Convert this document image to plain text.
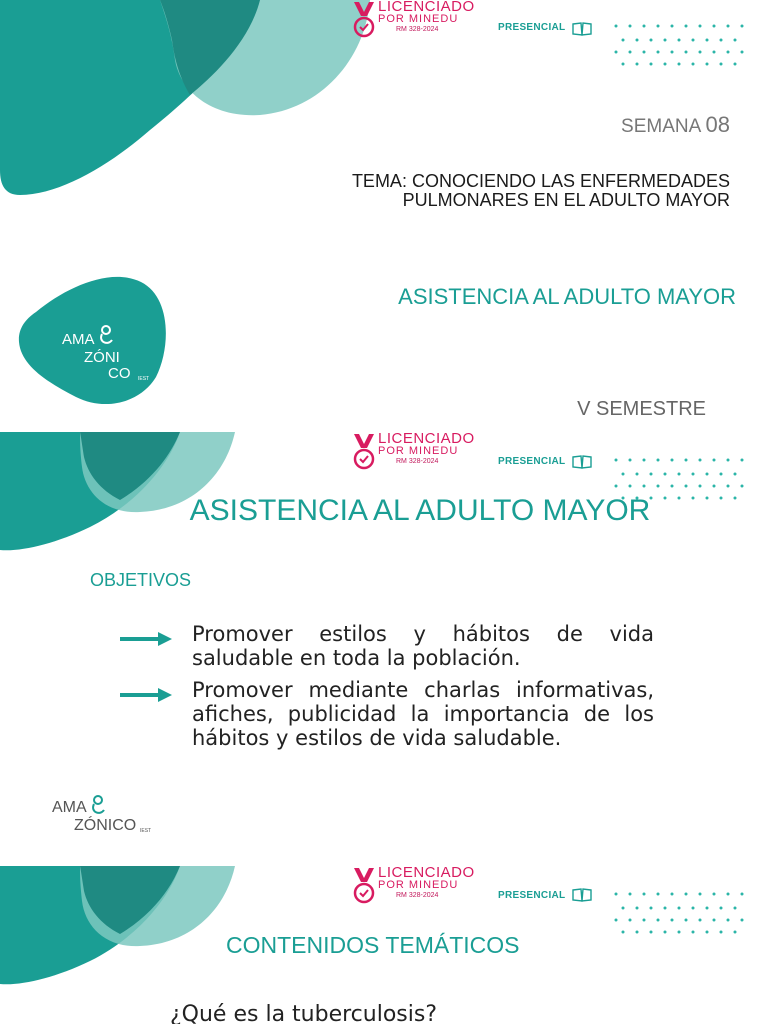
LICENCIADO
POR MINEDU
RM 328-2024	PRESENCIAL
SEMANA 08
TEMA: CONOCIENDO LAS ENFERMEDADES
PULMONARES EN EL ADULTO MAYOR
ASISTENCIA AL ADULTO MAYOR
AMA
ZÓNI
CO IEST
V SEMESTRE
LICENCIADO
POR MINEDU
RM 328-2024	PRESENCIAL
ASISTENCIA AL ADULTO MAYOR
OBJETIVOS
Promover estilos y hábitos de vida saludable en toda la población.
Promover mediante charlas informativas, afiches, publicidad la importancia de los hábitos y estilos de vida saludable.
AMA
ZÓNICO IEST
LICENCIADO
POR MINEDU
RM 328-2024	PRESENCIAL
CONTENIDOS TEMÁTICOS
¿Qué es la tuberculosis?
